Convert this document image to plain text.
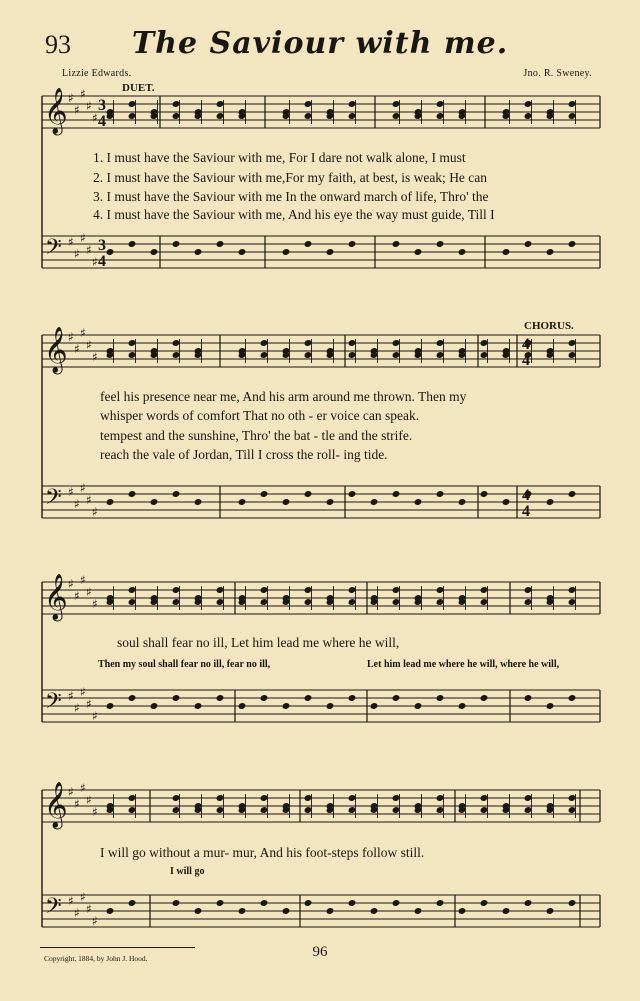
𝄞
𝄢
♯
♯
♯
♯
♯
♯
♯
♯
♯
♯
𝄞
𝄢
♯
♯
♯
♯
♯
♯
♯
♯
♯
♯
𝄞
𝄢
♯
♯
♯
♯
♯
♯
♯
♯
♯
♯
𝄞
𝄢
♯
♯
♯
♯
♯
♯
♯
♯
♯
♯
3
4
3
4
4
4
4
4
93	The Saviour with me.
Lizzie Edwards.	Jno. R. Sweney.
DUET.
CHORUS.
1. I must have the Saviour with me, For I dare not walk alone, I must
2. I must have the Saviour with me,For my faith, at best, is weak; He can
3. I must have the Saviour with me In the onward march of life, Thro' the
4. I must have the Saviour with me, And his eye the way must guide, Till I
feel his presence near me, And his arm around me thrown. Then my
whisper words of comfort That no oth - er voice can speak.
tempest and the sunshine, Thro' the bat - tle and the strife.
reach the vale of Jordan, Till I cross the roll- ing tide.
soul shall fear no ill, Let him lead me where he will,
Then my soul shall fear no ill, fear no ill,	Let him lead me where he will, where he will,
I will go without a mur- mur, And his foot-steps follow still.
I will go
Copyright, 1884, by John J. Hood.	96
